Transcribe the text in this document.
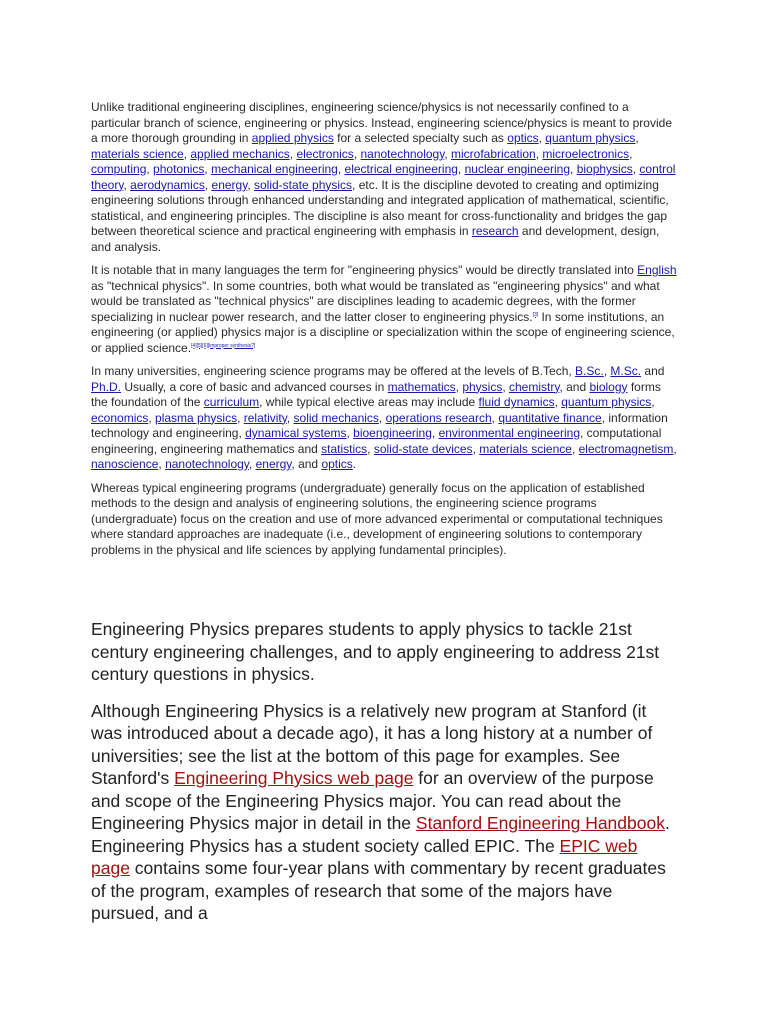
Unlike traditional engineering disciplines, engineering science/physics is not necessarily confined to a particular branch of science, engineering or physics. Instead, engineering science/physics is meant to provide a more thorough grounding in applied physics for a selected specialty such as optics, quantum physics, materials science, applied mechanics, electronics, nanotechnology, microfabrication, microelectronics, computing, photonics, mechanical engineering, electrical engineering, nuclear engineering, biophysics, control theory, aerodynamics, energy, solid-state physics, etc. It is the discipline devoted to creating and optimizing engineering solutions through enhanced understanding and integrated application of mathematical, scientific, statistical, and engineering principles. The discipline is also meant for cross-functionality and bridges the gap between theoretical science and practical engineering with emphasis in research and development, design, and analysis.

It is notable that in many languages the term for "engineering physics" would be directly translated into English as "technical physics". In some countries, both what would be translated as "engineering physics" and what would be translated as "technical physics" are disciplines leading to academic degrees, with the former specializing in nuclear power research, and the latter closer to engineering physics.[3] In some institutions, an engineering (or applied) physics major is a discipline or specialization within the scope of engineering science, or applied science.[4][5][6][improper synthesis?]

In many universities, engineering science programs may be offered at the levels of B.Tech, B.Sc., M.Sc. and Ph.D. Usually, a core of basic and advanced courses in mathematics, physics, chemistry, and biology forms the foundation of the curriculum, while typical elective areas may include fluid dynamics, quantum physics, economics, plasma physics, relativity, solid mechanics, operations research, quantitative finance, information technology and engineering, dynamical systems, bioengineering, environmental engineering, computational engineering, engineering mathematics and statistics, solid-state devices, materials science, electromagnetism, nanoscience, nanotechnology, energy, and optics.

Whereas typical engineering programs (undergraduate) generally focus on the application of established methods to the design and analysis of engineering solutions, the engineering science programs (undergraduate) focus on the creation and use of more advanced experimental or computational techniques where standard approaches are inadequate (i.e., development of engineering solutions to contemporary problems in the physical and life sciences by applying fundamental principles).

Engineering Physics prepares students to apply physics to tackle 21st century engineering challenges, and to apply engineering to address 21st century questions in physics.

Although Engineering Physics is a relatively new program at Stanford (it was introduced about a decade ago), it has a long history at a number of universities; see the list at the bottom of this page for examples. See Stanford's Engineering Physics web page for an overview of the purpose and scope of the Engineering Physics major. You can read about the Engineering Physics major in detail in the Stanford Engineering Handbook. Engineering Physics has a student society called EPIC. The EPIC web page contains some four-year plans with commentary by recent graduates of the program, examples of research that some of the majors have pursued, and a
